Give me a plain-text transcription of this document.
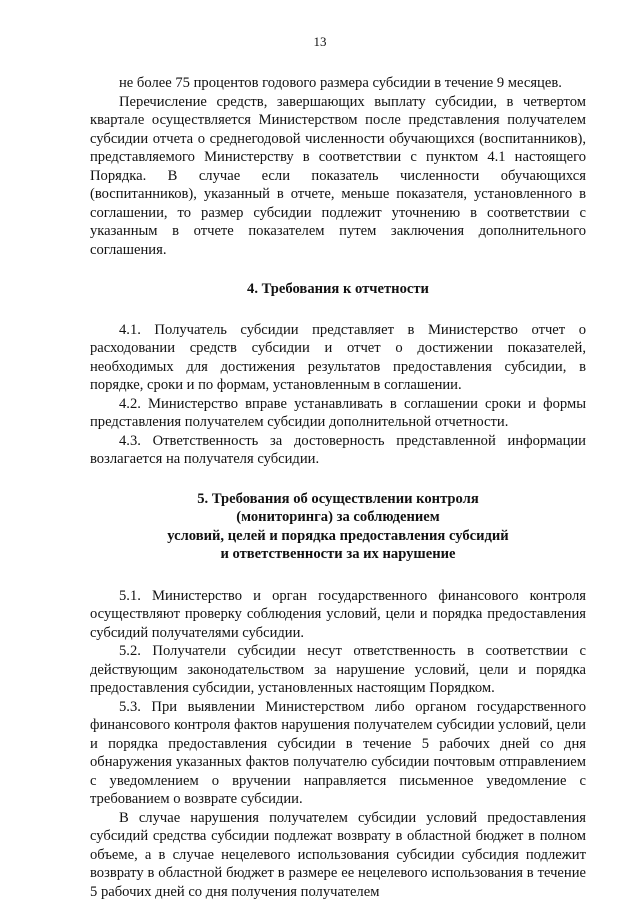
13

не более 75 процентов годового размера субсидии в течение 9 месяцев.

Перечисление средств, завершающих выплату субсидии, в четвертом квартале осуществляется Министерством после представления получателем субсидии отчета о среднегодовой численности обучающихся (воспитанников), представляемого Министерству в соответствии с пунктом 4.1 настоящего Порядка. В случае если показатель численности обучающихся (воспитанников), указанный в отчете, меньше показателя, установленного в соглашении, то размер субсидии подлежит уточнению в соответствии с указанным в отчете показателем путем заключения дополнительного соглашения.

4. Требования к отчетности

4.1. Получатель субсидии представляет в Министерство отчет о расходовании средств субсидии и отчет о достижении показателей, необходимых для достижения результатов предоставления субсидии, в порядке, сроки и по формам, установленным в соглашении.

4.2. Министерство вправе устанавливать в соглашении сроки и формы представления получателем субсидии дополнительной отчетности.

4.3. Ответственность за достоверность представленной информации возлагается на получателя субсидии.

5. Требования об осуществлении контроля
(мониторинга) за соблюдением
условий, целей и порядка предоставления субсидий
и ответственности за их нарушение

5.1. Министерство и орган государственного финансового контроля осуществляют проверку соблюдения условий, цели и порядка предоставления субсидий получателями субсидии.

5.2. Получатели субсидии несут ответственность в соответствии с действующим законодательством за нарушение условий, цели и порядка предоставления субсидии, установленных настоящим Порядком.

5.3. При выявлении Министерством либо органом государственного финансового контроля фактов нарушения получателем субсидии условий, цели и порядка предоставления субсидии в течение 5 рабочих дней со дня обнаружения указанных фактов получателю субсидии почтовым отправлением с уведомлением о вручении направляется письменное уведомление с требованием о возврате субсидии.

В случае нарушения получателем субсидии условий предоставления субсидий средства субсидии подлежат возврату в областной бюджет в полном объеме, а в случае нецелевого использования субсидии субсидия подлежит возврату в областной бюджет в размере ее нецелевого использования в течение 5 рабочих дней со дня получения получателем
